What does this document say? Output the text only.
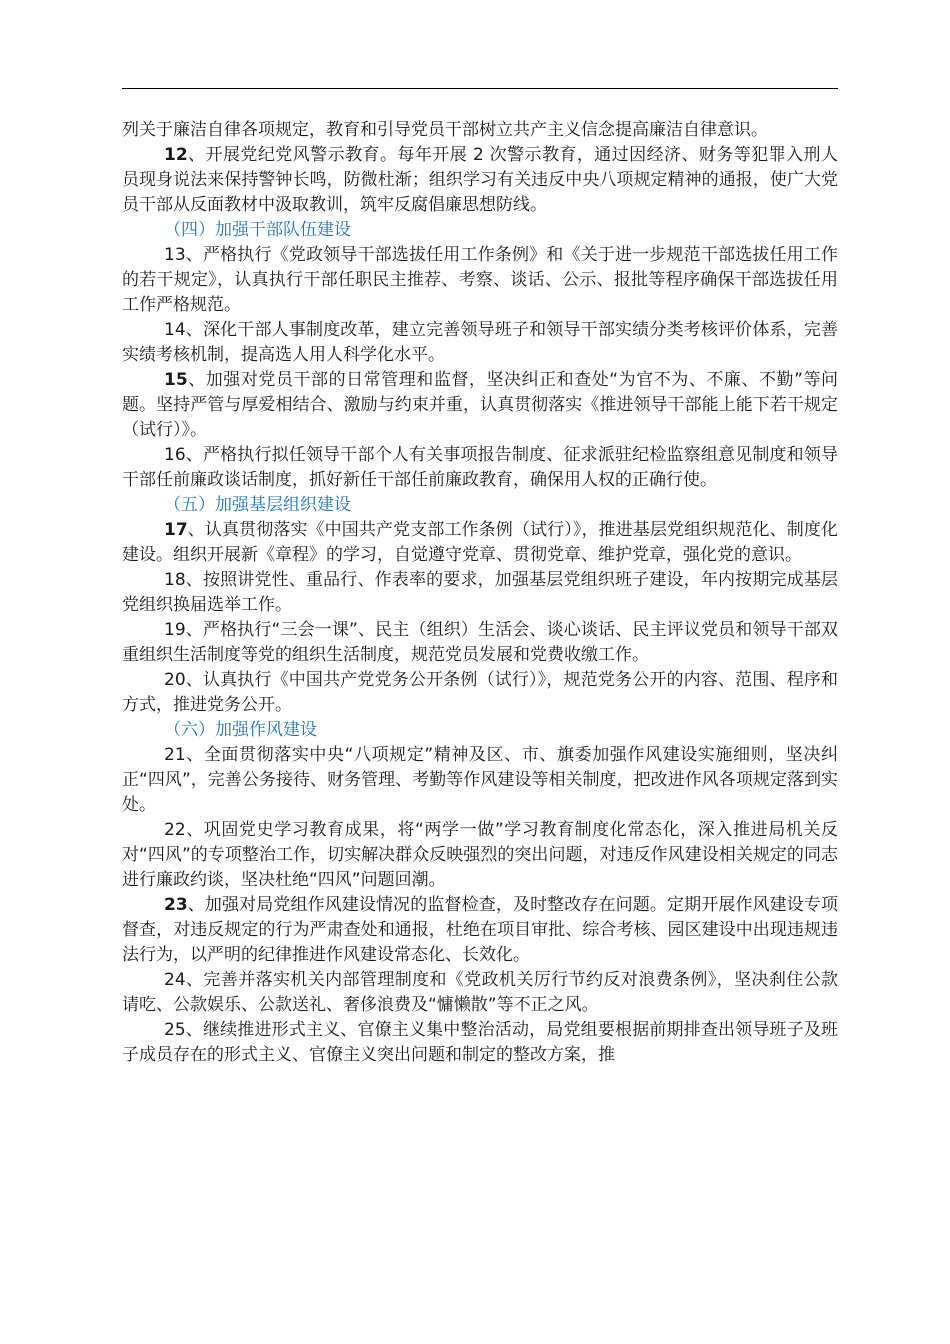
列关于廉洁自律各项规定，教育和引导党员干部树立共产主义信念提高廉洁自律意识。

12、开展党纪党风警示教育。每年开展 2 次警示教育，通过因经济、财务等犯罪入刑人员现身说法来保持警钟长鸣，防微杜渐；组织学习有关违反中央八项规定精神的通报，使广大党员干部从反面教材中汲取教训，筑牢反腐倡廉思想防线。

（四）加强干部队伍建设

13、严格执行《党政领导干部选拔任用工作条例》和《关于进一步规范干部选拔任用工作的若干规定》，认真执行干部任职民主推荐、考察、谈话、公示、报批等程序确保干部选拔任用工作严格规范。

14、深化干部人事制度改革，建立完善领导班子和领导干部实绩分类考核评价体系，完善实绩考核机制，提高选人用人科学化水平。

15、加强对党员干部的日常管理和监督，坚决纠正和查处“为官不为、不廉、不勤”等问题。坚持严管与厚爱相结合、激励与约束并重，认真贯彻落实《推进领导干部能上能下若干规定（试行）》。

16、严格执行拟任领导干部个人有关事项报告制度、征求派驻纪检监察组意见制度和领导干部任前廉政谈话制度，抓好新任干部任前廉政教育，确保用人权的正确行使。

（五）加强基层组织建设

17、认真贯彻落实《中国共产党支部工作条例（试行）》，推进基层党组织规范化、制度化建设。组织开展新《章程》的学习，自觉遵守党章、贯彻党章、维护党章，强化党的意识。

18、按照讲党性、重品行、作表率的要求，加强基层党组织班子建设，年内按期完成基层党组织换届选举工作。

19、严格执行“三会一课”、民主（组织）生活会、谈心谈话、民主评议党员和领导干部双重组织生活制度等党的组织生活制度，规范党员发展和党费收缴工作。

20、认真执行《中国共产党党务公开条例（试行）》，规范党务公开的内容、范围、程序和方式，推进党务公开。

（六）加强作风建设

21、全面贯彻落实中央“八项规定”精神及区、市、旗委加强作风建设实施细则，坚决纠正“四风”，完善公务接待、财务管理、考勤等作风建设等相关制度，把改进作风各项规定落到实处。

22、巩固党史学习教育成果，将“两学一做”学习教育制度化常态化，深入推进局机关反对“四风”的专项整治工作，切实解决群众反映强烈的突出问题，对违反作风建设相关规定的同志进行廉政约谈，坚决杜绝“四风”问题回潮。

23、加强对局党组作风建设情况的监督检查，及时整改存在问题。定期开展作风建设专项督查，对违反规定的行为严肃查处和通报，杜绝在项目审批、综合考核、园区建设中出现违规违法行为，以严明的纪律推进作风建设常态化、长效化。

24、完善并落实机关内部管理制度和《党政机关厉行节约反对浪费条例》，坚决刹住公款请吃、公款娱乐、公款送礼、奢侈浪费及“慵懒散”等不正之风。

25、继续推进形式主义、官僚主义集中整治活动，局党组要根据前期排查出领导班子及班子成员存在的形式主义、官僚主义突出问题和制定的整改方案，推
